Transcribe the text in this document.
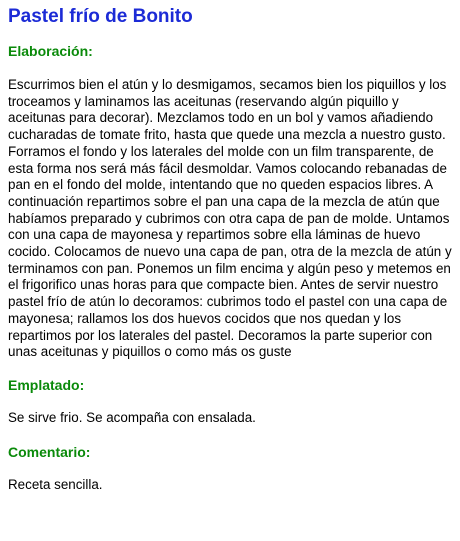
Pastel frío de Bonito
Elaboración:

Escurrimos bien el atún y lo desmigamos, secamos bien los piquillos y los troceamos y laminamos las aceitunas (reservando algún piquillo y aceitunas para decorar). Mezclamos todo en un bol y vamos añadiendo cucharadas de tomate frito, hasta que quede una mezcla a nuestro gusto. Forramos el fondo y los laterales del molde con un film transparente, de esta forma nos será más fácil desmoldar. Vamos colocando rebanadas de pan en el fondo del molde, intentando que no queden espacios libres. A continuación repartimos sobre el pan una capa de la mezcla de atún que habíamos preparado y cubrimos con otra capa de pan de molde. Untamos con una capa de mayonesa y repartimos sobre ella láminas de huevo cocido. Colocamos de nuevo una capa de pan, otra de la mezcla de atún y terminamos con pan. Ponemos un film encima y algún peso y metemos en el frigorifico unas horas para que compacte bien. Antes de servir nuestro pastel frío de atún lo decoramos: cubrimos todo el pastel con una capa de mayonesa; rallamos los dos huevos cocidos que nos quedan y los repartimos por los laterales del pastel. Decoramos la parte superior con unas aceitunas y piquillos o como más os guste

Emplatado:

Se sirve frio. Se acompaña con ensalada.

Comentario:

Receta sencilla.
